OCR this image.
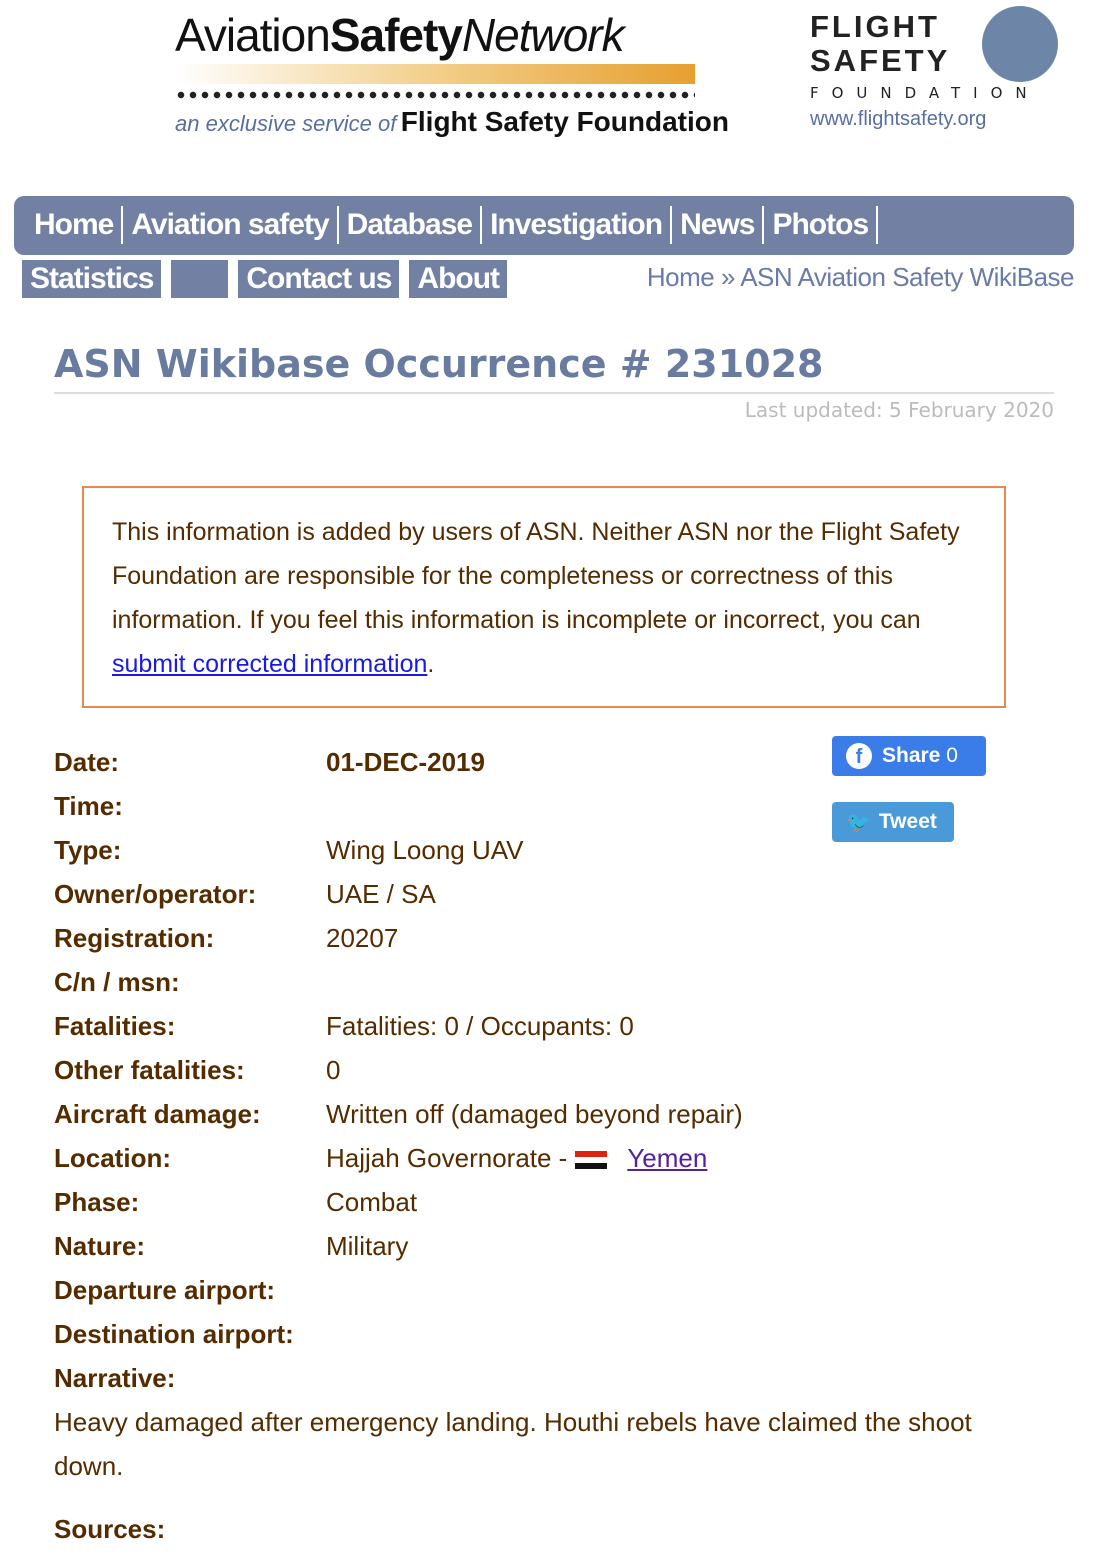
AviationSafetyNetwork
an exclusive service of Flight Safety Foundation
FLIGHT
SAFETY
FOUNDATION
www.flightsafety.org
Home Aviation safety Database Investigation News Photos
Statistics	Contact us About	Home » ASN Aviation Safety WikiBase
ASN Wikibase Occurrence # 231028
Last updated: 5 February 2020
This information is added by users of ASN. Neither ASN nor the Flight Safety Foundation are responsible for the completeness or correctness of this information. If you feel this information is incomplete or incorrect, you can submit corrected information.
f Share
0
🐦 Tweet
Date:	01-DEC-2019
Time:
Type:	Wing Loong UAV
Owner/operator:	UAE / SA
Registration:	20207
C/n / msn:
Fatalities:	Fatalities: 0 / Occupants: 0
Other fatalities:	0
Aircraft damage:	Written off (damaged beyond repair)
Location:	Hajjah Governorate - Yemen
Phase:	Combat
Nature:	Military
Departure airport:
Destination airport:
Narrative:
Heavy damaged after emergency landing. Houthi rebels have claimed the shoot down.
Sources:
